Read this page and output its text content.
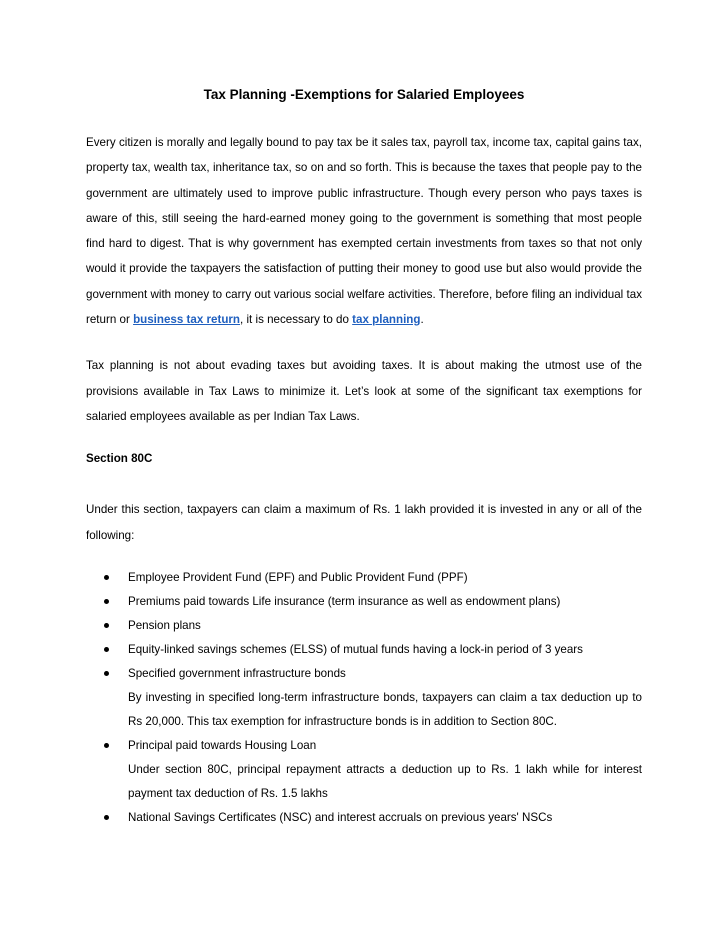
Tax Planning -Exemptions for Salaried Employees

Every citizen is morally and legally bound to pay tax be it sales tax, payroll tax, income tax, capital gains tax, property tax, wealth tax, inheritance tax, so on and so forth. This is because the taxes that people pay to the government are ultimately used to improve public infrastructure. Though every person who pays taxes is aware of this, still seeing the hard-earned money going to the government is something that most people find hard to digest. That is why government has exempted certain investments from taxes so that not only would it provide the taxpayers the satisfaction of putting their money to good use but also would provide the government with money to carry out various social welfare activities. Therefore, before filing an individual tax return or business tax return, it is necessary to do tax planning.

Tax planning is not about evading taxes but avoiding taxes. It is about making the utmost use of the provisions available in Tax Laws to minimize it. Let’s look at some of the significant tax exemptions for salaried employees available as per Indian Tax Laws.

Section 80C

Under this section, taxpayers can claim a maximum of Rs. 1 lakh provided it is invested in any or all of the following:

Employee Provident Fund (EPF) and Public Provident Fund (PPF)
Premiums paid towards Life insurance (term insurance as well as endowment plans)
Pension plans
Equity-linked savings schemes (ELSS) of mutual funds having a lock-in period of 3 years
Specified government infrastructure bonds
By investing in specified long-term infrastructure bonds, taxpayers can claim a tax deduction up to Rs 20,000. This tax exemption for infrastructure bonds is in addition to Section 80C.
Principal paid towards Housing Loan
Under section 80C, principal repayment attracts a deduction up to Rs. 1 lakh while for interest payment tax deduction of Rs. 1.5 lakhs
National Savings Certificates (NSC) and interest accruals on previous years' NSCs
